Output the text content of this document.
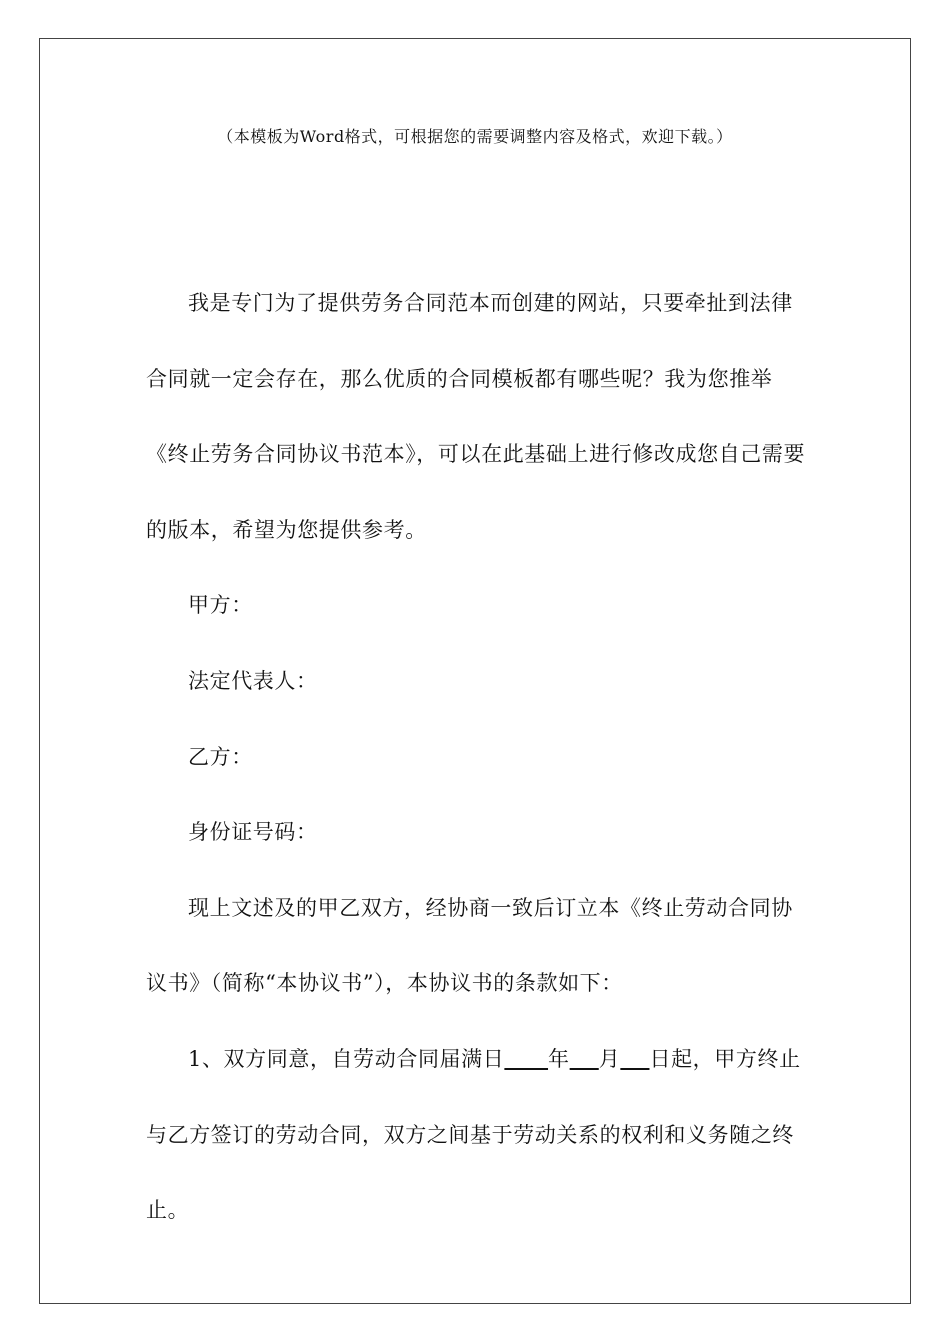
（本模板为Word格式，可根据您的需要调整内容及格式，欢迎下载。）

我是专门为了提供劳务合同范本而创建的网站，只要牵扯到法律合同就一定会存在，那么优质的合同模板都有哪些呢？我为您推举《终止劳务合同协议书范本》，可以在此基础上进行修改成您自己需要的版本，希望为您提供参考。

甲方：

法定代表人：

乙方：

身份证号码：

现上文述及的甲乙双方，经协商一致后订立本《终止劳动合同协议书》（简称“本协议书”），本协议书的条款如下：

1、双方同意，自劳动合同届满日 年 月 日起，甲方终止与乙方签订的劳动合同，双方之间基于劳动关系的权利和义务随之终止。
